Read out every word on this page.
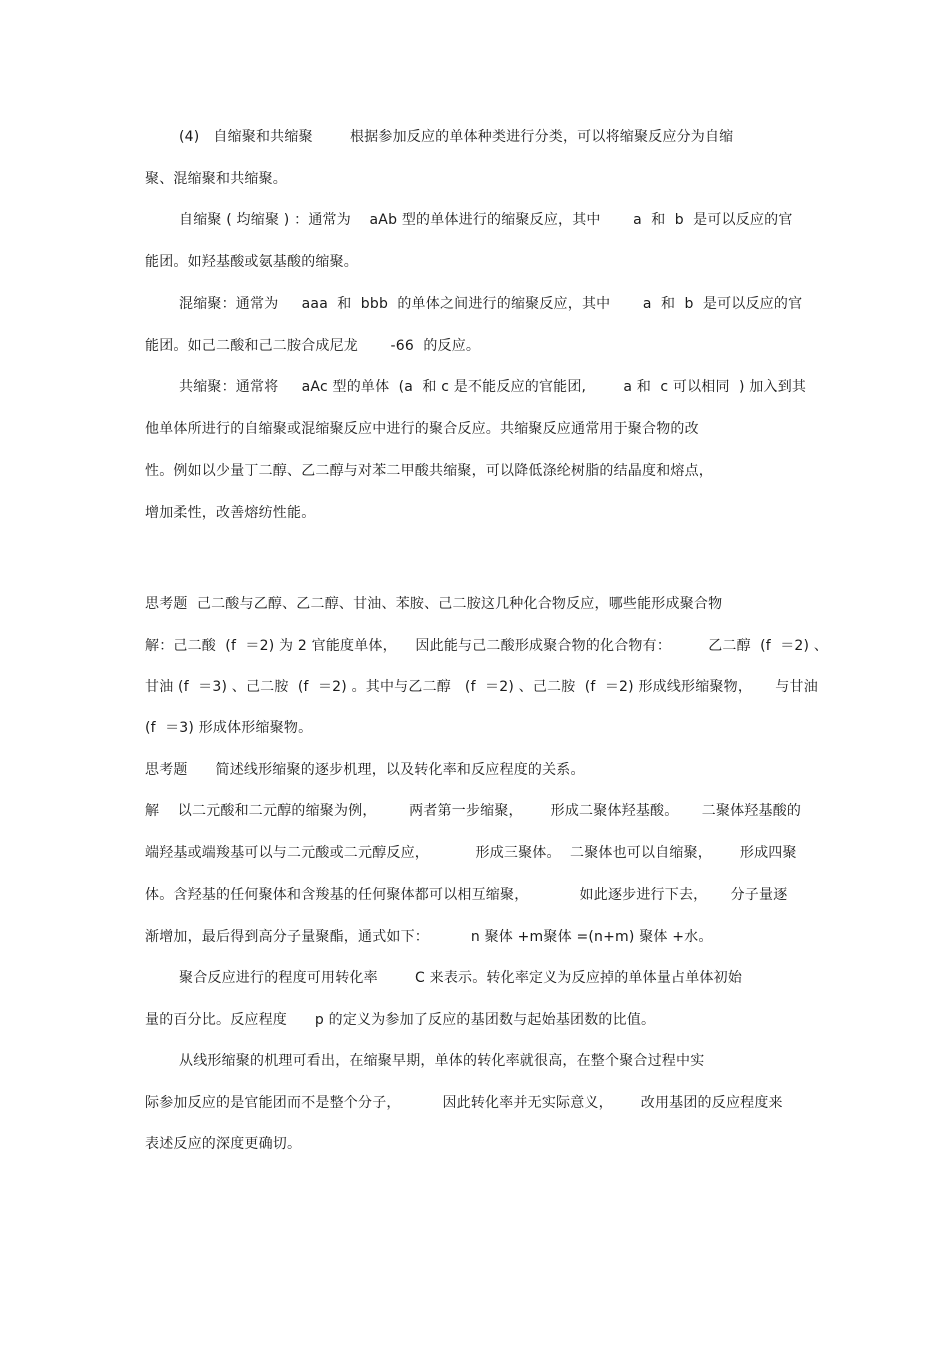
(4)   自缩聚和共缩聚        根据参加反应的单体种类进行分类，可以将缩聚反应分为自缩
聚、混缩聚和共缩聚。
自缩聚 ( 均缩聚 ) ：通常为    aAb 型的单体进行的缩聚反应，其中       a  和  b  是可以反应的官
能团。如羟基酸或氨基酸的缩聚。
混缩聚：通常为     aaa  和  bbb  的单体之间进行的缩聚反应，其中       a  和  b  是可以反应的官
能团。如己二酸和己二胺合成尼龙       -66  的反应。
共缩聚：通常将     aAc 型的单体  (a  和 c 是不能反应的官能团,        a 和  c 可以相同  ) 加入到其
他单体所进行的自缩聚或混缩聚反应中进行的聚合反应。共缩聚反应通常用于聚合物的改
性。例如以少量丁二醇、乙二醇与对苯二甲酸共缩聚，可以降低涤纶树脂的结晶度和熔点，
增加柔性，改善熔纺性能。
思考题  己二酸与乙醇、乙二醇、甘油、苯胺、己二胺这几种化合物反应，哪些能形成聚合物
解：己二酸  (f  ＝2) 为 2 官能度单体，    因此能与己二酸形成聚合物的化合物有：        乙二醇  (f  ＝2) 、
甘油 (f  ＝3) 、己二胺  (f  ＝2) 。其中与乙二醇   (f  ＝2) 、己二胺  (f  ＝2) 形成线形缩聚物，     与甘油
(f  ＝3) 形成体形缩聚物。
思考题      简述线形缩聚的逐步机理，以及转化率和反应程度的关系。
解    以二元酸和二元醇的缩聚为例，       两者第一步缩聚，      形成二聚体羟基酸。     二聚体羟基酸的
端羟基或端羧基可以与二元酸或二元醇反应，          形成三聚体。  二聚体也可以自缩聚，      形成四聚
体。含羟基的任何聚体和含羧基的任何聚体都可以相互缩聚，           如此逐步进行下去，     分子量逐
渐增加，最后得到高分子量聚酯，通式如下：         n 聚体 +m聚体 =(n+m) 聚体 +水。
聚合反应进行的程度可用转化率        C 来表示。转化率定义为反应掉的单体量占单体初始
量的百分比。反应程度      p 的定义为参加了反应的基团数与起始基团数的比值。
从线形缩聚的机理可看出，在缩聚早期，单体的转化率就很高，在整个聚合过程中实
际参加反应的是官能团而不是整个分子，         因此转化率并无实际意义，      改用基团的反应程度来
表述反应的深度更确切。
